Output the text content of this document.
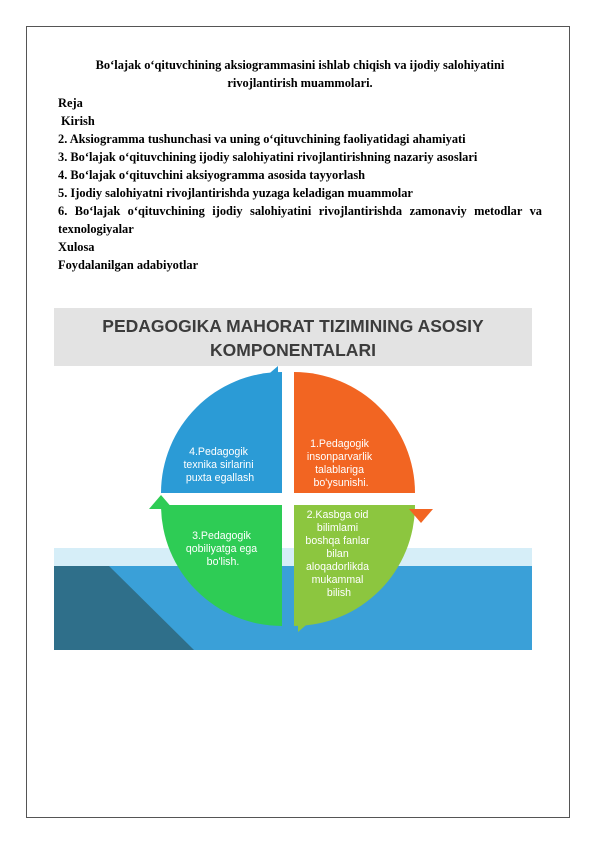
Bo‘lajak o‘qituvchining aksiogrammasini ishlab chiqish va ijodiy salohiyatini rivojlantirish muammolari.

Reja

Kirish

2. Aksiogramma tushunchasi va uning o‘qituvchining faoliyatidagi ahamiyati

3. Bo‘lajak o‘qituvchining ijodiy salohiyatini rivojlantirishning nazariy asoslari

4. Bo‘lajak o‘qituvchini aksiyogramma asosida tayyorlash

5. Ijodiy salohiyatni rivojlantirishda yuzaga keladigan muammolar

6. Bo‘lajak o‘qituvchining ijodiy salohiyatini rivojlantirishda zamonaviy metodlar va texnologiyalar

Xulosa

Foydalanilgan adabiyotlar

PEDAGOGIKA MAHORAT TIZIMINING ASOSIY
KOMPONENTALARI
1.Pedagogik insonparvarlik talablariga bo'ysunishi.
2.Kasbga oid bilimlami boshqa fanlar bilan aloqadorlikda mukammal bilish
3.Pedagogik qobiliyatga ega bo'lish.
4.Pedagogik texnika sirlarini puxta egallash
